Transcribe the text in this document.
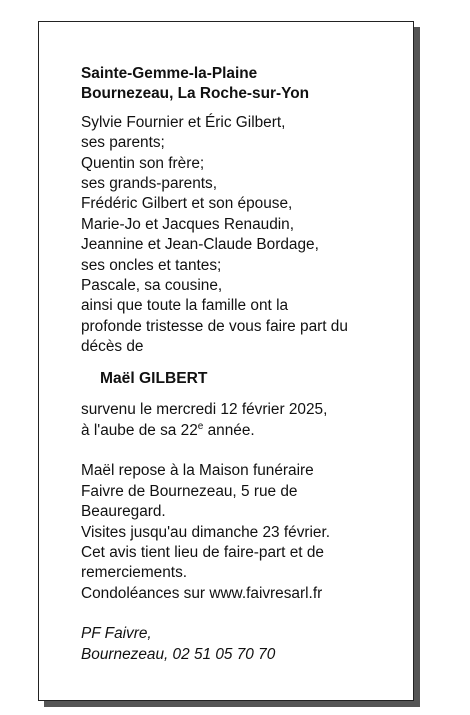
Sainte-Gemme-la-Plaine
Bournezeau, La Roche-sur-Yon
Sylvie Fournier et Éric Gilbert,
ses parents;
Quentin son frère;
ses grands-parents,
Frédéric Gilbert et son épouse,
Marie-Jo et Jacques Renaudin,
Jeannine et Jean-Claude Bordage,
ses oncles et tantes;
Pascale, sa cousine,
ainsi que toute la famille ont la
profonde tristesse de vous faire part du
décès de
Maël GILBERT
survenu le mercredi 12 février 2025,
à l'aube de sa 22e année.
Maël repose à la Maison funéraire
Faivre de Bournezeau, 5 rue de
Beauregard.
Visites jusqu'au dimanche 23 février.
Cet avis tient lieu de faire-part et de
remerciements.
Condoléances sur www.faivresarl.fr
PF Faivre,
Bournezeau, 02 51 05 70 70
